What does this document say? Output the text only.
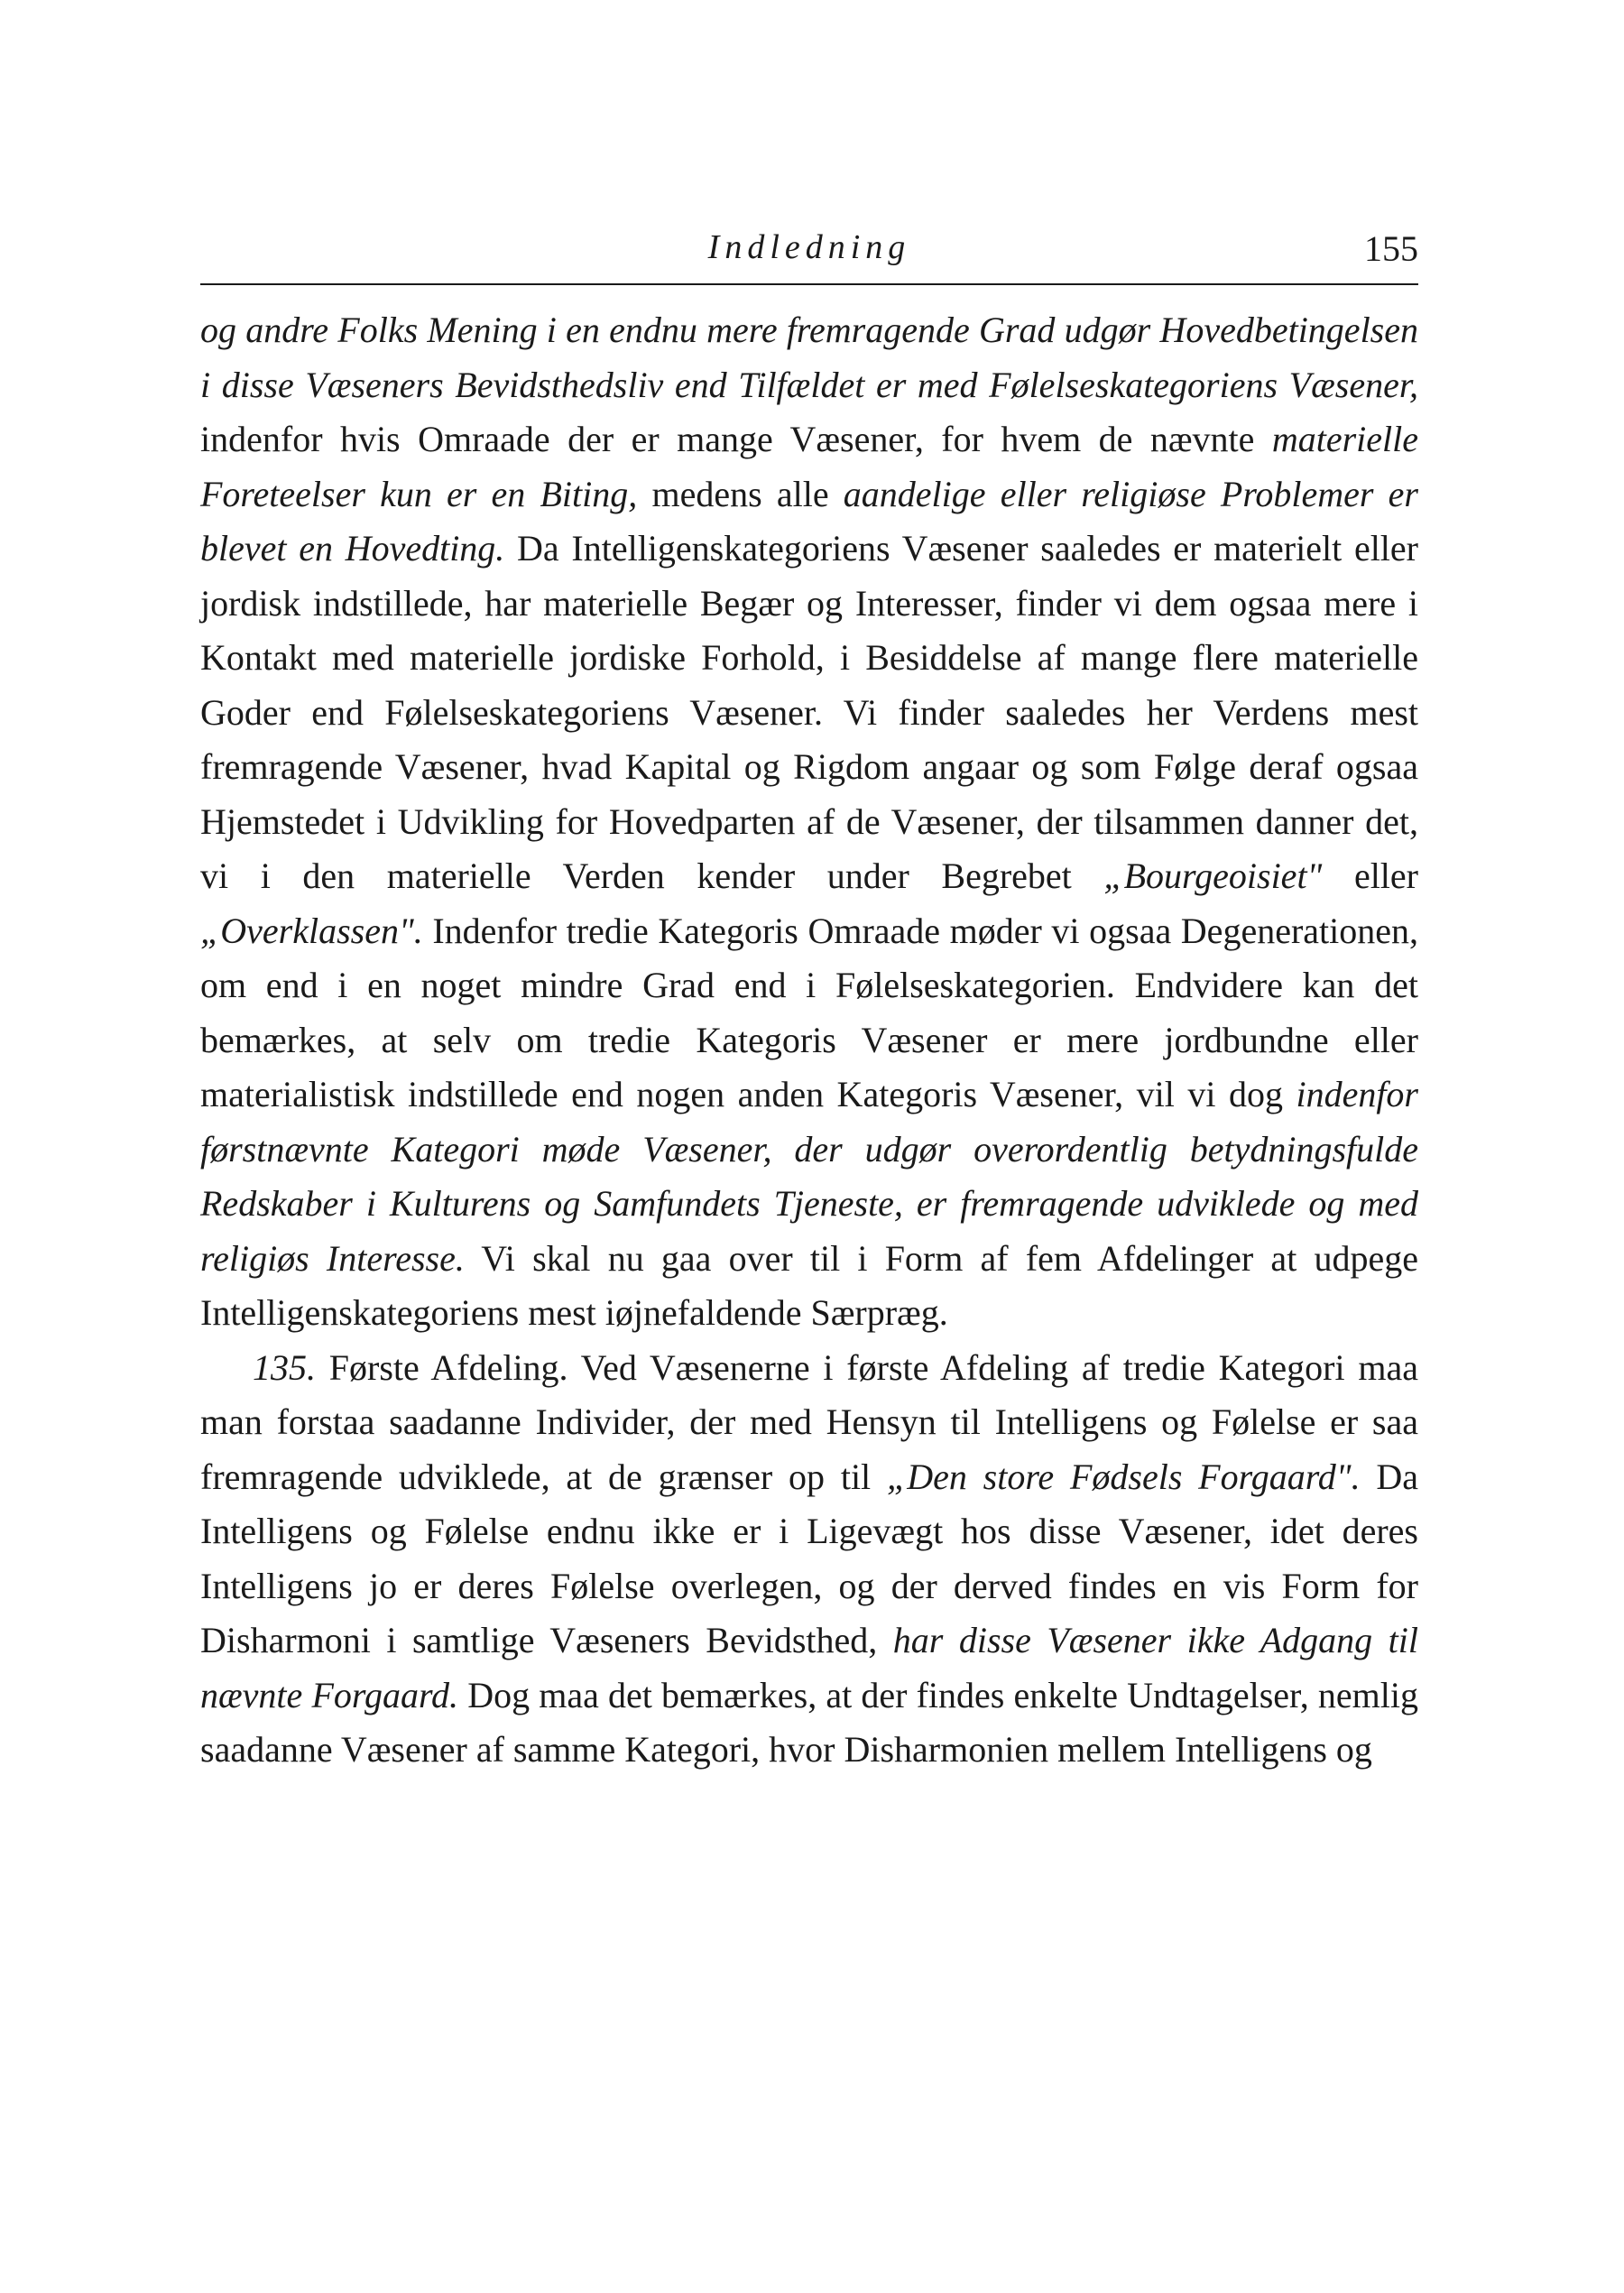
Indledning	155

og andre Folks Mening i en endnu mere fremragende Grad udgør Hovedbetingelsen i disse Væseners Bevidsthedsliv end Tilfældet er med Følelseskategoriens Væsener, indenfor hvis Omraade der er mange Væsener, for hvem de nævnte materielle Foreteelser kun er en Biting, medens alle aandelige eller religiøse Problemer er blevet en Hovedting. Da Intelligenskategoriens Væsener saaledes er materielt eller jordisk indstillede, har materielle Begær og Interesser, finder vi dem ogsaa mere i Kontakt med materielle jordiske Forhold, i Besiddelse af mange flere materielle Goder end Følelseskategoriens Væsener. Vi finder saaledes her Verdens mest fremragende Væsener, hvad Kapital og Rigdom angaar og som Følge deraf ogsaa Hjemstedet i Udvikling for Hovedparten af de Væsener, der tilsammen danner det, vi i den materielle Verden kender under Begrebet „Bourgeoisiet" eller „Overklassen". Indenfor tredie Kategoris Omraade møder vi ogsaa Degenerationen, om end i en noget mindre Grad end i Følelseskategorien. Endvidere kan det bemærkes, at selv om tredie Kategoris Væsener er mere jordbundne eller materialistisk indstillede end nogen anden Kategoris Væsener, vil vi dog indenfor førstnævnte Kategori møde Væsener, der udgør overordentlig betydningsfulde Redskaber i Kulturens og Samfundets Tjeneste, er fremragende udviklede og med religiøs Interesse. Vi skal nu gaa over til i Form af fem Afdelinger at udpege Intelligenskategoriens mest iøjnefaldende Særpræg.

135. Første Afdeling. Ved Væsenerne i første Afdeling af tredie Kategori maa man forstaa saadanne Individer, der med Hensyn til Intelligens og Følelse er saa fremragende udviklede, at de grænser op til „Den store Fødsels Forgaard". Da Intelligens og Følelse endnu ikke er i Ligevægt hos disse Væsener, idet deres Intelligens jo er deres Følelse overlegen, og der derved findes en vis Form for Disharmoni i samtlige Væseners Bevidsthed, har disse Væsener ikke Adgang til nævnte Forgaard. Dog maa det bemærkes, at der findes enkelte Undtagelser, nemlig saadanne Væsener af samme Kategori, hvor Disharmonien mellem Intelligens og
